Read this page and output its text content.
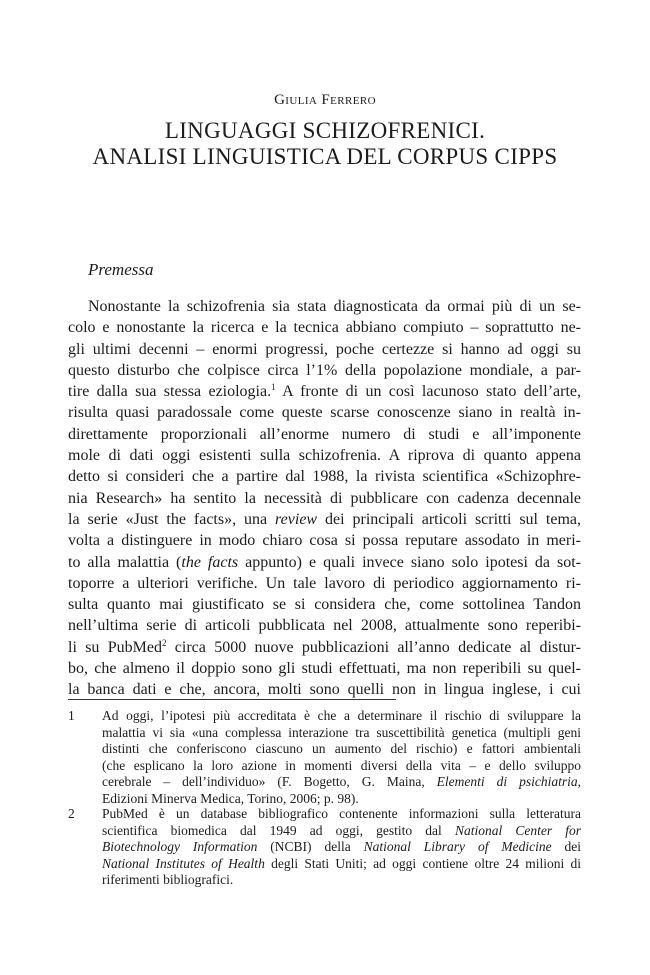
Giulia Ferrero
LINGUAGGI SCHIZOFRENICI.
ANALISI LINGUISTICA DEL CORPUS CIPPS
Premessa
Nonostante la schizofrenia sia stata diagnosticata da ormai più di un se-
colo e nonostante la ricerca e la tecnica abbiano compiuto – soprattutto ne-
gli ultimi decenni – enormi progressi, poche certezze si hanno ad oggi su
questo disturbo che colpisce circa l’1% della popolazione mondiale, a par-
tire dalla sua stessa eziologia.$^1$ A fronte di un così lacunoso stato dell’arte,
risulta quasi paradossale come queste scarse conoscenze siano in realtà in-
direttamente proporzionali all’enorme numero di studi e all’imponente
mole di dati oggi esistenti sulla schizofrenia. A riprova di quanto appena
detto si consideri che a partire dal 1988, la rivista scientifica «Schizophre-
nia Research» ha sentito la necessità di pubblicare con cadenza decennale
la serie «Just the facts», una review dei principali articoli scritti sul tema,
volta a distinguere in modo chiaro cosa si possa reputare assodato in meri-
to alla malattia (the facts appunto) e quali invece siano solo ipotesi da sot-
toporre a ulteriori verifiche. Un tale lavoro di periodico aggiornamento ri-
sulta quanto mai giustificato se si considera che, come sottolinea Tandon
nell’ultima serie di articoli pubblicata nel 2008, attualmente sono reperibi-
li su PubMed$^2$ circa 5000 nuove pubblicazioni all’anno dedicate al distur-
bo, che almeno il doppio sono gli studi effettuati, ma non reperibili su quel-
la banca dati e che, ancora, molti sono quelli non in lingua inglese, i cui
1 Ad oggi, l’ipotesi più accreditata è che a determinare il rischio di sviluppare la
malattia vi sia «una complessa interazione tra suscettibilità genetica (multipli geni
distinti che conferiscono ciascuno un aumento del rischio) e fattori ambientali
(che esplicano la loro azione in momenti diversi della vita – e dello sviluppo
cerebrale – dell’individuo» (F. Bogetto, G. Maina, Elementi di psichiatria,
Edizioni Minerva Medica, Torino, 2006; p. 98).
2 PubMed è un database bibliografico contenente informazioni sulla letteratura
scientifica biomedica dal 1949 ad oggi, gestito dal National Center for
Biotechnology Information (NCBI) della National Library of Medicine dei
National Institutes of Health degli Stati Uniti; ad oggi contiene oltre 24 milioni di
riferimenti bibliografici.
